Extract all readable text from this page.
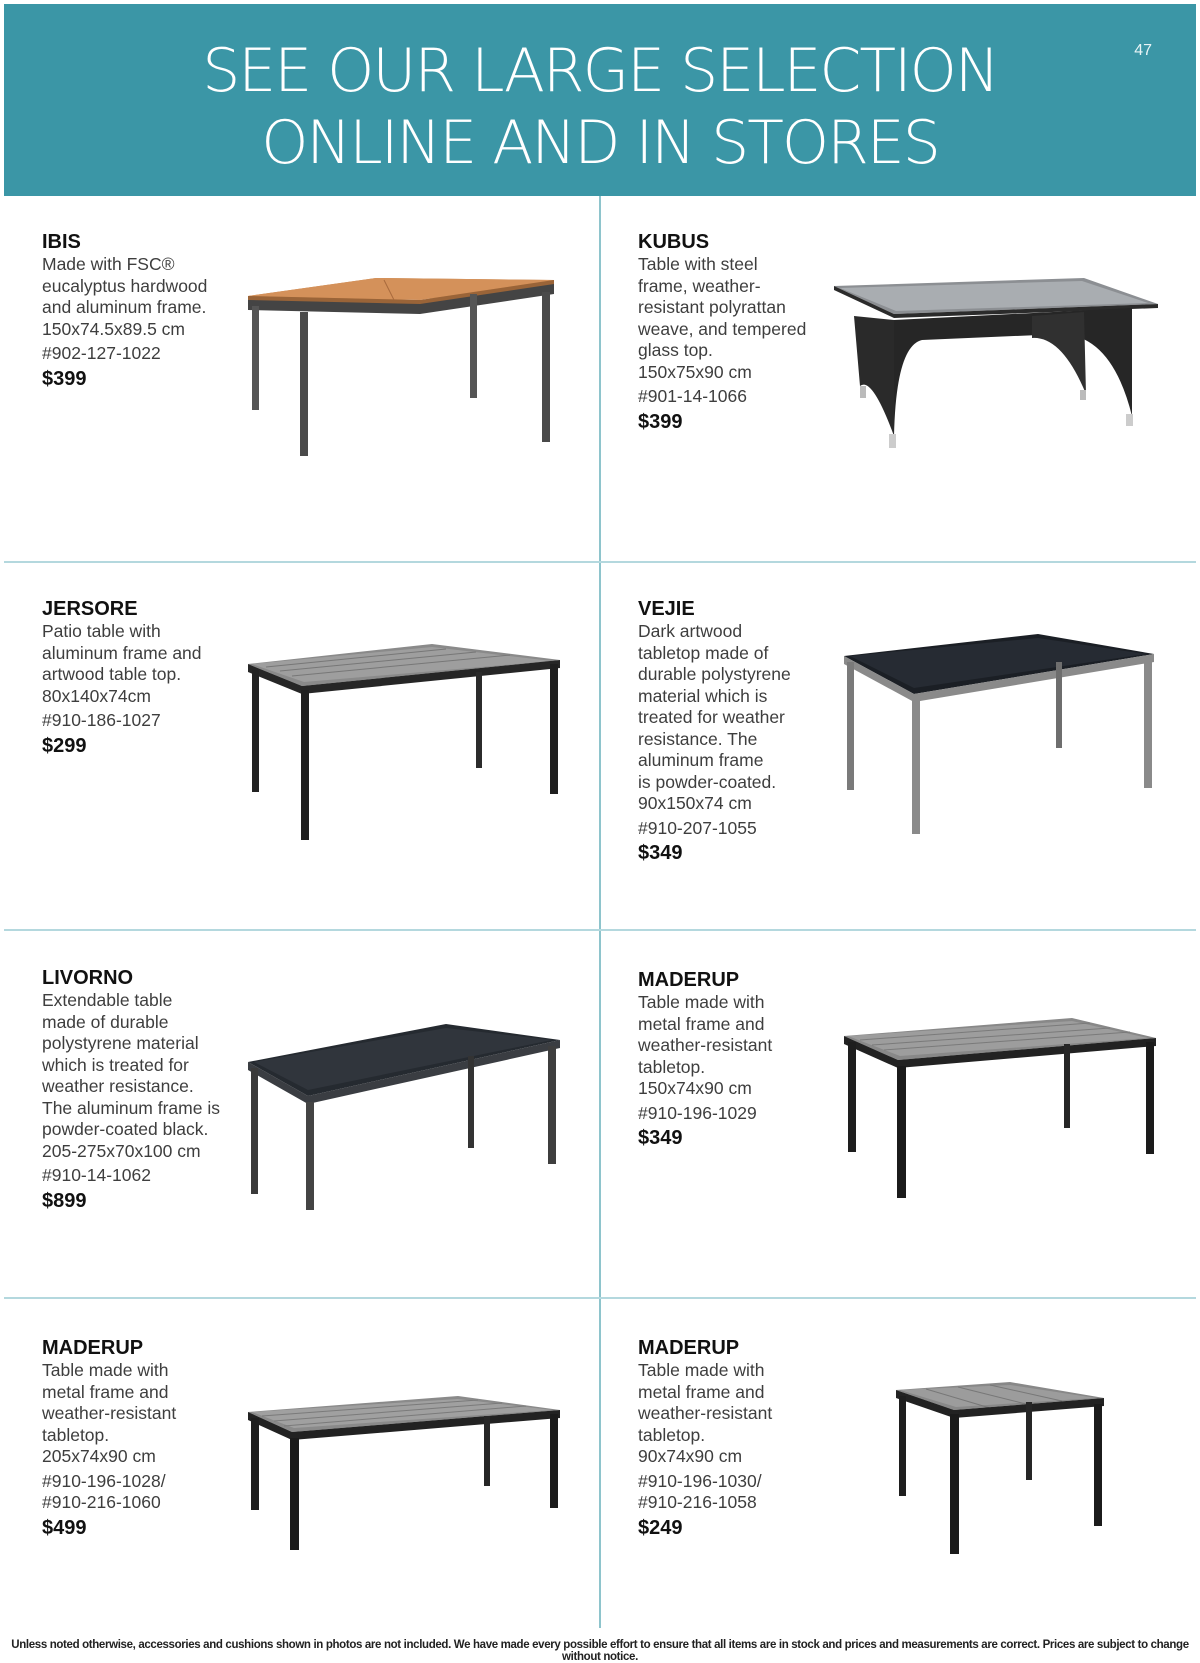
SEE OUR LARGE SELECTION
ONLINE AND IN STORES
47
IBIS
Made with FSC®
eucalyptus hardwood
and aluminum frame.
150x74.5x89.5 cm
#902-127-1022
$399
KUBUS
Table with steel
frame, weather-
resistant polyrattan
weave, and tempered
glass top.
150x75x90 cm
#901-14-1066
$399
JERSORE
Patio table with
aluminum frame and
artwood table top.
80x140x74cm
#910-186-1027
$299
VEJIE
Dark artwood
tabletop made of
durable polystyrene
material which is
treated for weather
resistance. The
aluminum frame
is powder-coated.
90x150x74 cm
#910-207-1055
$349
LIVORNO
Extendable table
made of durable
polystyrene material
which is treated for
weather resistance.
The aluminum frame is
powder-coated black.
205-275x70x100 cm
#910-14-1062
$899
MADERUP
Table made with
metal frame and
weather-resistant
tabletop.
150x74x90 cm
#910-196-1029
$349
MADERUP
Table made with
metal frame and
weather-resistant
tabletop.
205x74x90 cm
#910-196-1028/
#910-216-1060
$499
MADERUP
Table made with
metal frame and
weather-resistant
tabletop.
90x74x90 cm
#910-196-1030/
#910-216-1058
$249
Unless noted otherwise, accessories and cushions shown in photos are not included. We have made every possible effort to ensure that all items are in stock and prices and measurements are correct. Prices are subject to change without notice.
